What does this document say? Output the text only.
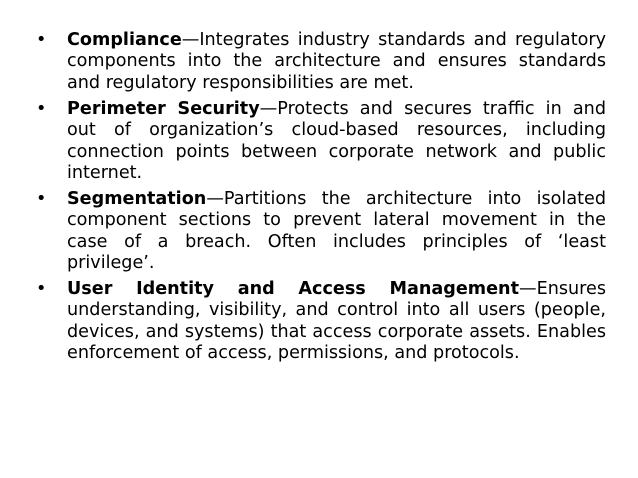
• Compliance—Integrates industry standards and regulatory components into the architecture and ensures standards and regulatory responsibilities are met.
• Perimeter Security—Protects and secures traffic in and out of organization’s cloud-based resources, including connection points between corporate network and public internet.
• Segmentation—Partitions the architecture into isolated component sections to prevent lateral movement in the case of a breach. Often includes principles of ‘least privilege’.
• User Identity and Access Management—Ensures understanding, visibility, and control into all users (people, devices, and systems) that access corporate assets. Enables enforcement of access, permissions, and protocols.
